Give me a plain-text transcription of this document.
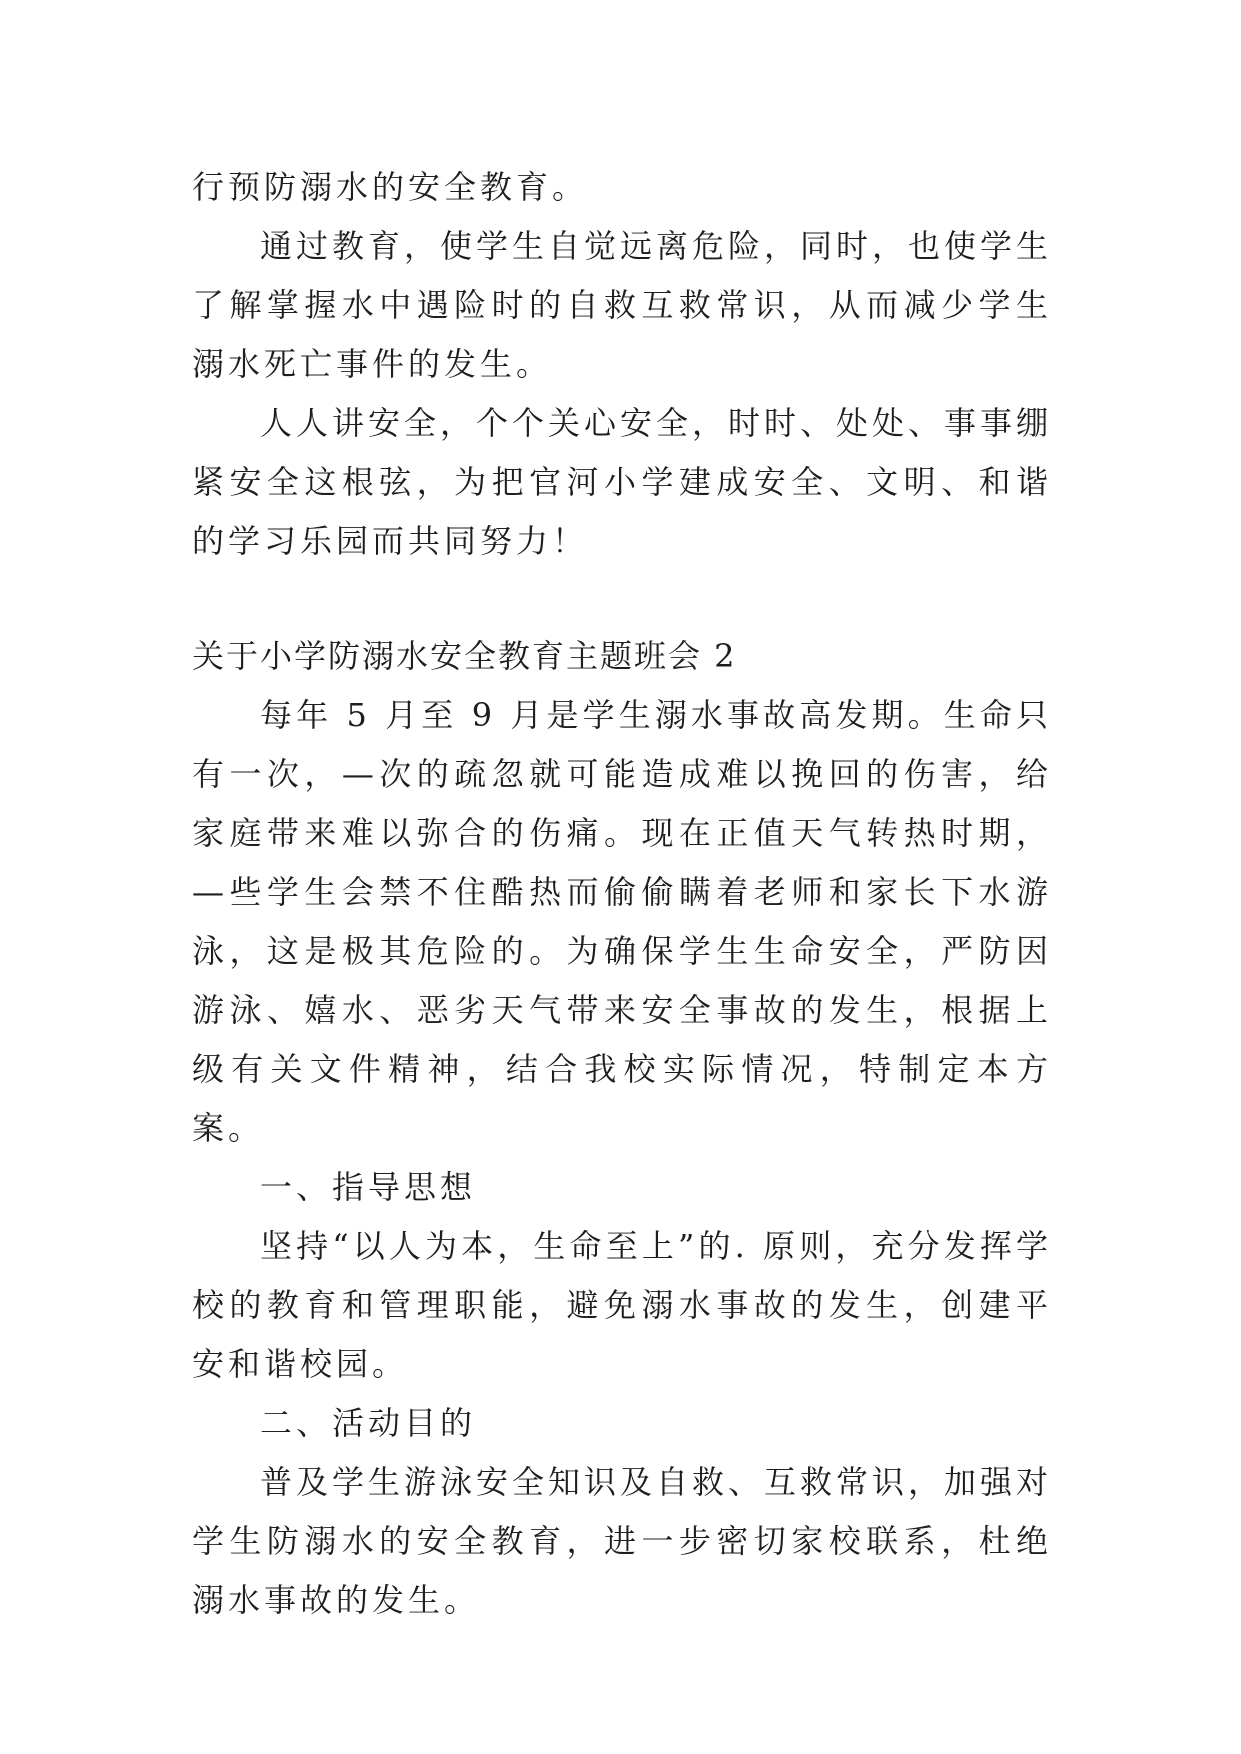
行预防溺水的安全教育。

通过教育，使学生自觉远离危险，同时，也使学生了解掌握水中遇险时的自救互救常识，从而减少学生溺水死亡事件的发生。

人人讲安全，个个关心安全，时时、处处、事事绷紧安全这根弦，为把官河小学建成安全、文明、和谐的学习乐园而共同努力！

关于小学防溺水安全教育主题班会 2

每年 5 月至 9 月是学生溺水事故高发期。生命只有一次，—次的疏忽就可能造成难以挽回的伤害，给家庭带来难以弥合的伤痛。现在正值天气转热时期，—些学生会禁不住酷热而偷偷瞒着老师和家长下水游泳，这是极其危险的。为确保学生生命安全，严防因游泳、嬉水、恶劣天气带来安全事故的发生，根据上级有关文件精神，结合我校实际情况，特制定本方案。

一、指导思想

坚持“以人为本，生命至上”的. 原则，充分发挥学校的教育和管理职能，避免溺水事故的发生，创建平安和谐校园。

二、活动目的

普及学生游泳安全知识及自救、互救常识，加强对学生防溺水的安全教育，进一步密切家校联系，杜绝溺水事故的发生。
